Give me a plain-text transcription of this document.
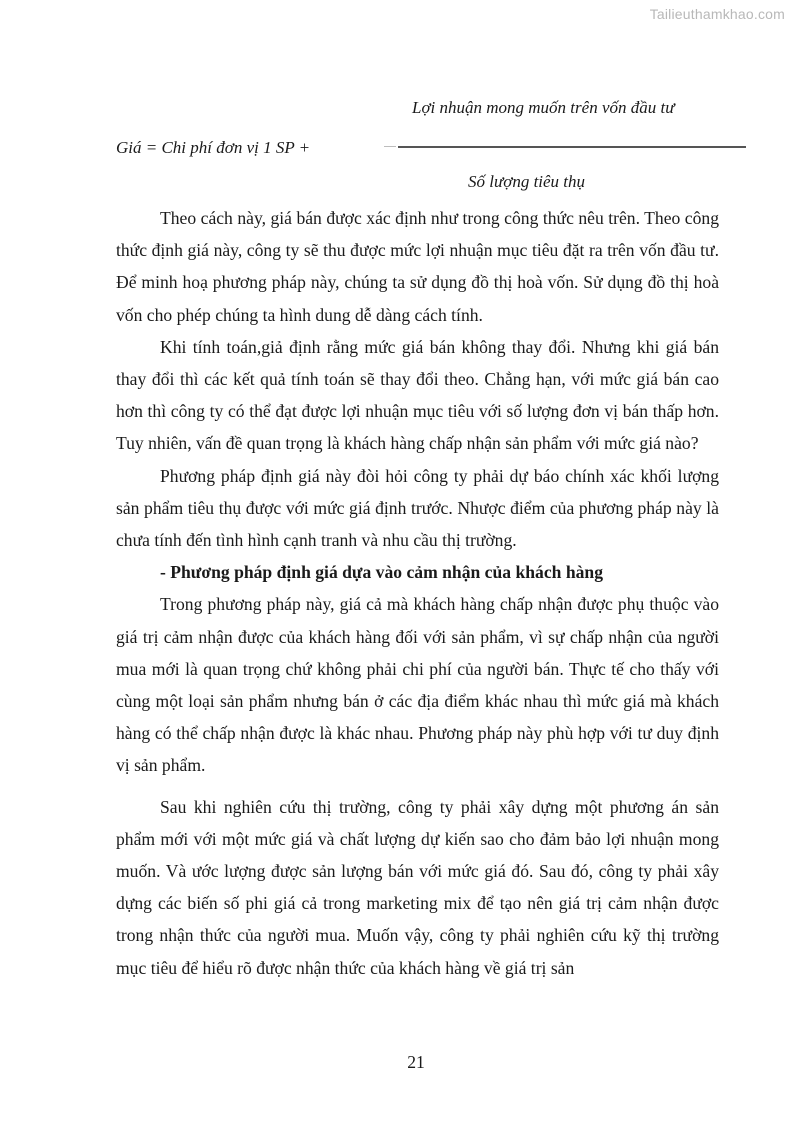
Tailieuthamkhao.com
Lợi nhuận mong muốn trên vốn đầu tư
Giá = Chi phí đơn vị 1 SP +
Số lượng tiêu thụ

Theo cách này, giá bán được xác định như trong công thức nêu trên. Theo công thức định giá này, công ty sẽ thu được mức lợi nhuận mục tiêu đặt ra trên vốn đầu tư. Để minh hoạ phương pháp này, chúng ta sử dụng đồ thị hoà vốn. Sử dụng đồ thị hoà vốn cho phép chúng ta hình dung dễ dàng cách tính.

Khi tính toán,giả định rằng mức giá bán không thay đổi. Nhưng khi giá bán thay đổi thì các kết quả tính toán sẽ thay đổi theo. Chẳng hạn, với mức giá bán cao hơn thì công ty có thể đạt được lợi nhuận mục tiêu với số lượng đơn vị bán thấp hơn. Tuy nhiên, vấn đề quan trọng là khách hàng chấp nhận sản phẩm với mức giá nào?

Phương pháp định giá này đòi hỏi công ty phải dự báo chính xác khối lượng sản phẩm tiêu thụ được với mức giá định trước. Nhược điểm của phương pháp này là chưa tính đến tình hình cạnh tranh và nhu cầu thị trường.

- Phương pháp định giá dựa vào cảm nhận của khách hàng

Trong phương pháp này, giá cả mà khách hàng chấp nhận được phụ thuộc vào giá trị cảm nhận được của khách hàng đối với sản phẩm, vì sự chấp nhận của người mua mới là quan trọng chứ không phải chi phí của người bán. Thực tế cho thấy với cùng một loại sản phẩm nhưng bán ở các địa điểm khác nhau thì mức giá mà khách hàng có thể chấp nhận được là khác nhau. Phương pháp này phù hợp với tư duy định vị sản phẩm.

Sau khi nghiên cứu thị trường, công ty phải xây dựng một phương án sản phẩm mới với một mức giá và chất lượng dự kiến sao cho đảm bảo lợi nhuận mong muốn. Và ước lượng được sản lượng bán với mức giá đó. Sau đó, công ty phải xây dựng các biến số phi giá cả trong marketing mix để tạo nên giá trị cảm nhận được trong nhận thức của người mua. Muốn vậy, công ty phải nghiên cứu kỹ thị trường mục tiêu để hiểu rõ được nhận thức của khách hàng về giá trị sản

21
